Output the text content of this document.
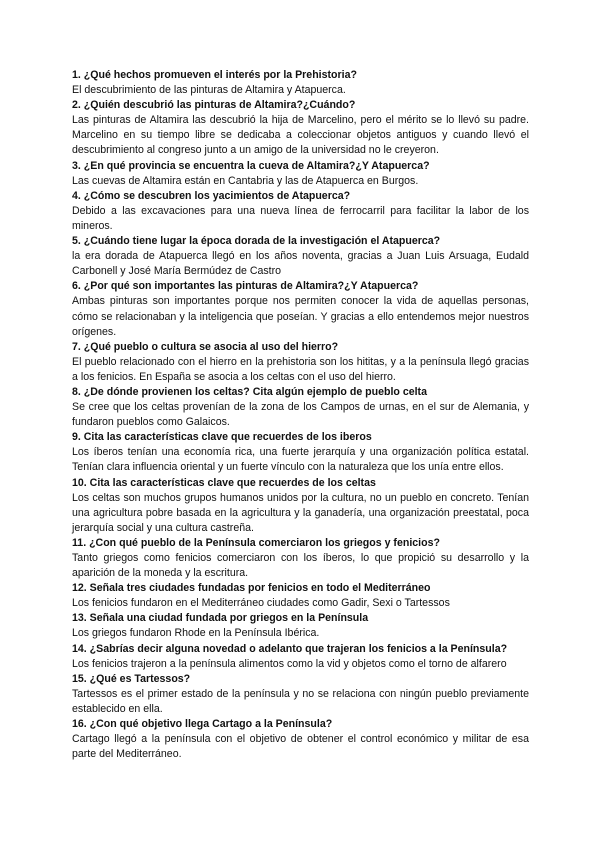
1. ¿Qué hechos promueven el interés por la Prehistoria?

El descubrimiento de las pinturas de Altamira y Atapuerca.

2. ¿Quién descubrió las pinturas de Altamira?¿Cuándo?

Las pinturas de Altamira las descubrió la hija de Marcelino, pero el mérito se lo llevó su padre. Marcelino en su tiempo libre se dedicaba a coleccionar objetos antiguos y cuando llevó el descubrimiento al congreso junto a un amigo de la universidad no le creyeron.

3. ¿En qué provincia se encuentra la cueva de Altamira?¿Y Atapuerca?

Las cuevas de Altamira están en Cantabria y las de Atapuerca en Burgos.

4. ¿Cómo se descubren los yacimientos de Atapuerca?

Debido a las excavaciones para una nueva línea de ferrocarril para facilitar la labor de los mineros.

5. ¿Cuándo tiene lugar la época dorada de la investigación el Atapuerca?

la era dorada de Atapuerca llegó en los años noventa, gracias a Juan Luis Arsuaga, Eudald Carbonell y José María Bermúdez de Castro

6. ¿Por qué son importantes las pinturas de Altamira?¿Y Atapuerca?

Ambas pinturas son importantes porque nos permiten conocer la vida de aquellas personas, cómo se relacionaban y la inteligencia que poseían. Y gracias a ello entendemos mejor nuestros orígenes.

7. ¿Qué pueblo o cultura se asocia al uso del hierro?

El pueblo relacionado con el hierro en la prehistoria son los hititas, y a la península llegó gracias a los fenicios. En España se asocia a los celtas con el uso del hierro.

8. ¿De dónde provienen los celtas? Cita algún ejemplo de pueblo celta

Se cree que los celtas provenían de la zona de los Campos de urnas, en el sur de Alemania, y fundaron pueblos como Galaicos.

9. Cita las características clave que recuerdes de los iberos

Los íberos tenían una economía rica, una fuerte jerarquía y una organización política estatal. Tenían clara influencia oriental y un fuerte vínculo con la naturaleza que los unía entre ellos.

10. Cita las características clave que recuerdes de los celtas

Los celtas son muchos grupos humanos unidos por la cultura, no un pueblo en concreto. Tenían una agricultura pobre basada en la agricultura y la ganadería, una organización preestatal, poca jerarquía social y una cultura castreña.

11. ¿Con qué pueblo de la Península comerciaron los griegos y fenicios?

Tanto griegos como fenicios comerciaron con los íberos, lo que propició su desarrollo y la aparición de la moneda y la escritura.

12. Señala tres ciudades fundadas por fenicios en todo el Mediterráneo

Los fenicios fundaron en el Mediterráneo ciudades como Gadir, Sexi o Tartessos

13. Señala una ciudad fundada por griegos en la Península

Los griegos fundaron Rhode en la Península Ibérica.

14. ¿Sabrías decir alguna novedad o adelanto que trajeran los fenicios a la Península?

Los fenicios trajeron a la península alimentos como la vid y objetos como el torno de alfarero

15. ¿Qué es Tartessos?

Tartessos es el primer estado de la península y no se relaciona con ningún pueblo previamente establecido en ella.

16. ¿Con qué objetivo llega Cartago a la Península?

Cartago llegó a la península con el objetivo de obtener el control económico y militar de esa parte del Mediterráneo.
